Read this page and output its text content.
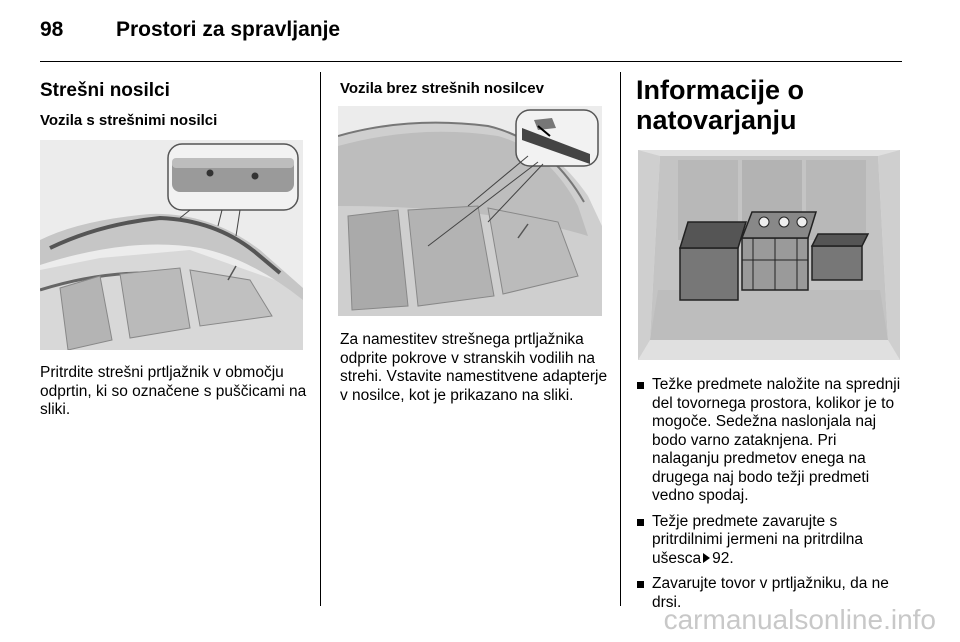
98	Prostori za spravljanje
Strešni nosilci
Vozila s strešnimi nosilci
Pritrdite strešni prtljažnik v območju odprtin, ki so označene s puščicami na sliki.
Vozila brez strešnih nosilcev
Za namestitev strešnega prtljažnika odprite pokrove v stranskih vodilih na strehi. Vstavite namestitvene adapterje v nosilce, kot je prikazano na sliki.
Informacije o
natovarjanju
Težke predmete naložite na sprednji del tovornega prostora, kolikor je to mogoče. Sedežna naslonjala naj bodo varno zataknjena. Pri nalaganju predmetov enega na drugega naj bodo težji predmeti vedno spodaj.
Težje predmete zavarujte s pritrdilnimi jermeni na pritrdilna ušesca 92.
Zavarujte tovor v prtljažniku, da ne drsi.
carmanualsonline.info
